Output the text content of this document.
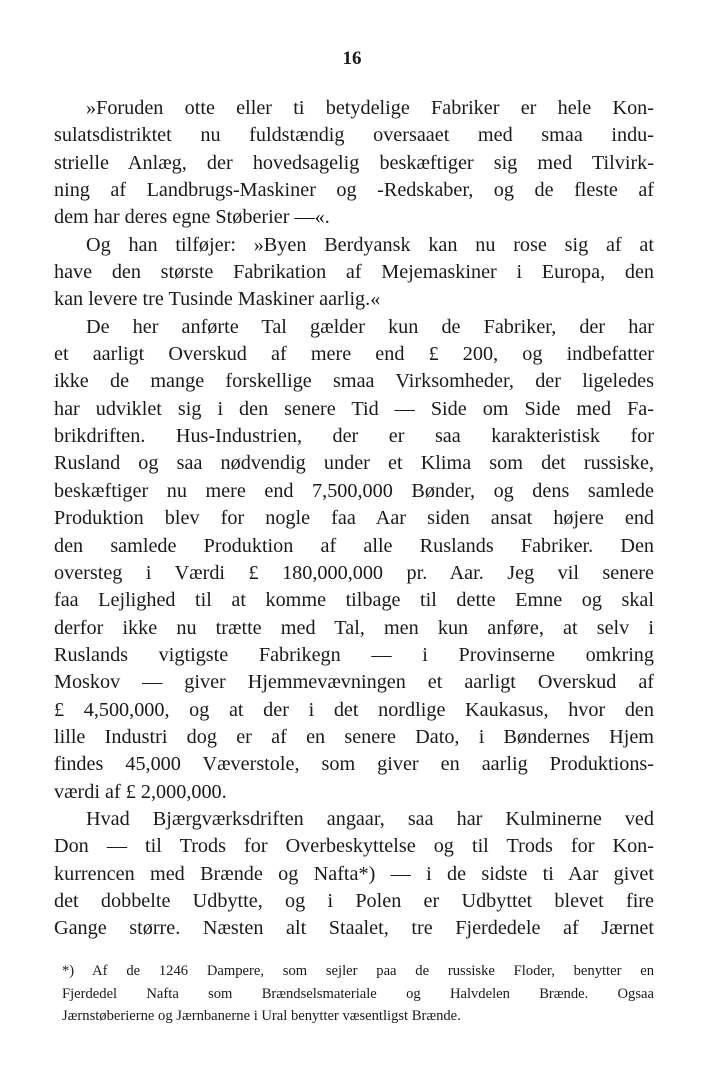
16
»Foruden otte eller ti betydelige Fabriker er hele Kon-
sulatsdistriktet nu fuldstændig oversaaet med smaa indu-
strielle Anlæg, der hovedsagelig beskæftiger sig med Tilvirk-
ning af Landbrugs-Maskiner og -Redskaber, og de fleste af
dem har deres egne Støberier —«.
Og han tilføjer: »Byen Berdyansk kan nu rose sig af at
have den største Fabrikation af Mejemaskiner i Europa, den
kan levere tre Tusinde Maskiner aarlig.«
De her anførte Tal gælder kun de Fabriker, der har
et aarligt Overskud af mere end £ 200, og indbefatter
ikke de mange forskellige smaa Virksomheder, der ligeledes
har udviklet sig i den senere Tid — Side om Side med Fa-
brikdriften. Hus-Industrien, der er saa karakteristisk for
Rusland og saa nødvendig under et Klima som det russiske,
beskæftiger nu mere end 7,500,000 Bønder, og dens samlede
Produktion blev for nogle faa Aar siden ansat højere end
den samlede Produktion af alle Ruslands Fabriker. Den
oversteg i Værdi £ 180,000,000 pr. Aar. Jeg vil senere
faa Lejlighed til at komme tilbage til dette Emne og skal
derfor ikke nu trætte med Tal, men kun anføre, at selv i
Ruslands vigtigste Fabrikegn — i Provinserne omkring
Moskov — giver Hjemmevævningen et aarligt Overskud af
£ 4,500,000, og at der i det nordlige Kaukasus, hvor den
lille Industri dog er af en senere Dato, i Bøndernes Hjem
findes 45,000 Væverstole, som giver en aarlig Produktions-
værdi af £ 2,000,000.
Hvad Bjærgværksdriften angaar, saa har Kulminerne ved
Don — til Trods for Overbeskyttelse og til Trods for Kon-
kurrencen med Brænde og Nafta*) — i de sidste ti Aar givet
det dobbelte Udbytte, og i Polen er Udbyttet blevet fire
Gange større. Næsten alt Staalet, tre Fjerdedele af Jærnet
*) Af de 1246 Dampere, som sejler paa de russiske Floder, benytter en
Fjerdedel Nafta som Brændselsmateriale og Halvdelen Brænde. Ogsaa
Jærnstøberierne og Jærnbanerne i Ural benytter væsentligst Brænde.
